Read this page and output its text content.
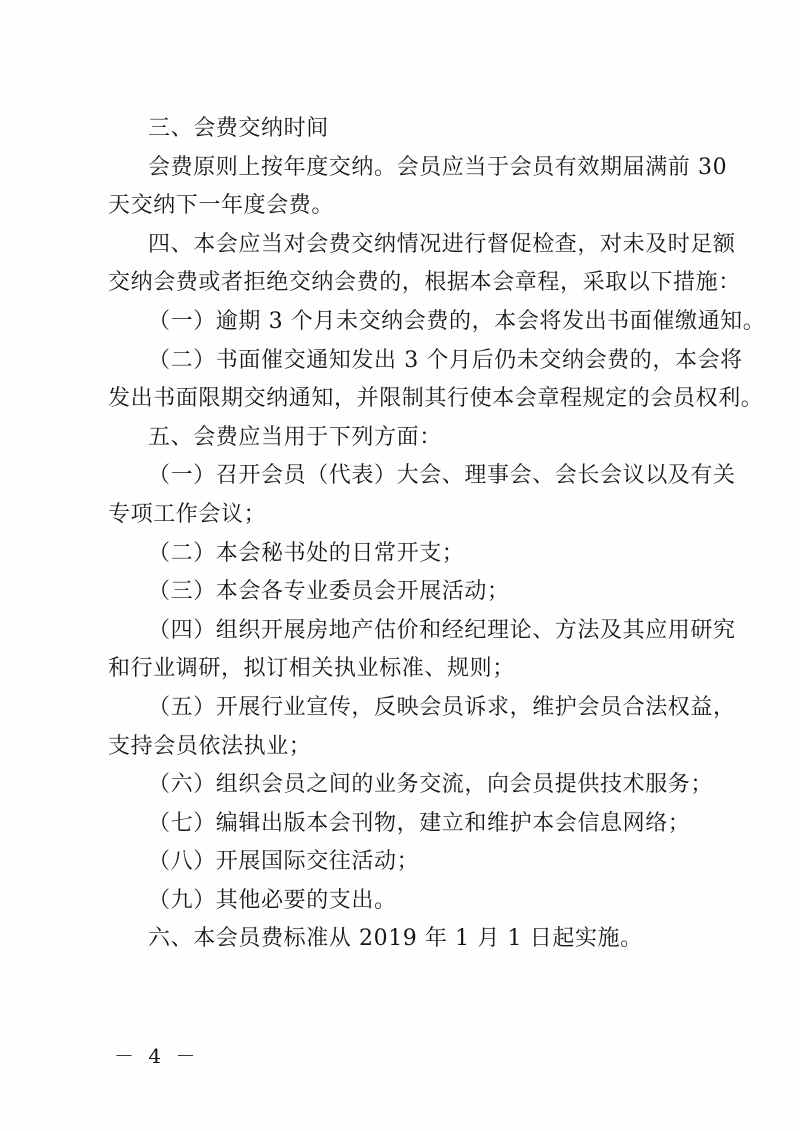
三、会费交纳时间
会费原则上按年度交纳。会员应当于会员有效期届满前 30
天交纳下一年度会费。
四、本会应当对会费交纳情况进行督促检查，对未及时足额
交纳会费或者拒绝交纳会费的，根据本会章程，采取以下措施：
（一）逾期 3 个月未交纳会费的，本会将发出书面催缴通知。
（二）书面催交通知发出 3 个月后仍未交纳会费的，本会将
发出书面限期交纳通知，并限制其行使本会章程规定的会员权利。
五、会费应当用于下列方面：
（一）召开会员（代表）大会、理事会、会长会议以及有关
专项工作会议；
（二）本会秘书处的日常开支；
（三）本会各专业委员会开展活动；
（四）组织开展房地产估价和经纪理论、方法及其应用研究
和行业调研，拟订相关执业标准、规则；
（五）开展行业宣传，反映会员诉求，维护会员合法权益，
支持会员依法执业；
（六）组织会员之间的业务交流，向会员提供技术服务；
（七）编辑出版本会刊物，建立和维护本会信息网络；
（八）开展国际交往活动；
（九）其他必要的支出。
六、本会员费标准从 2019 年 1 月 1 日起实施。
－ 4 －
